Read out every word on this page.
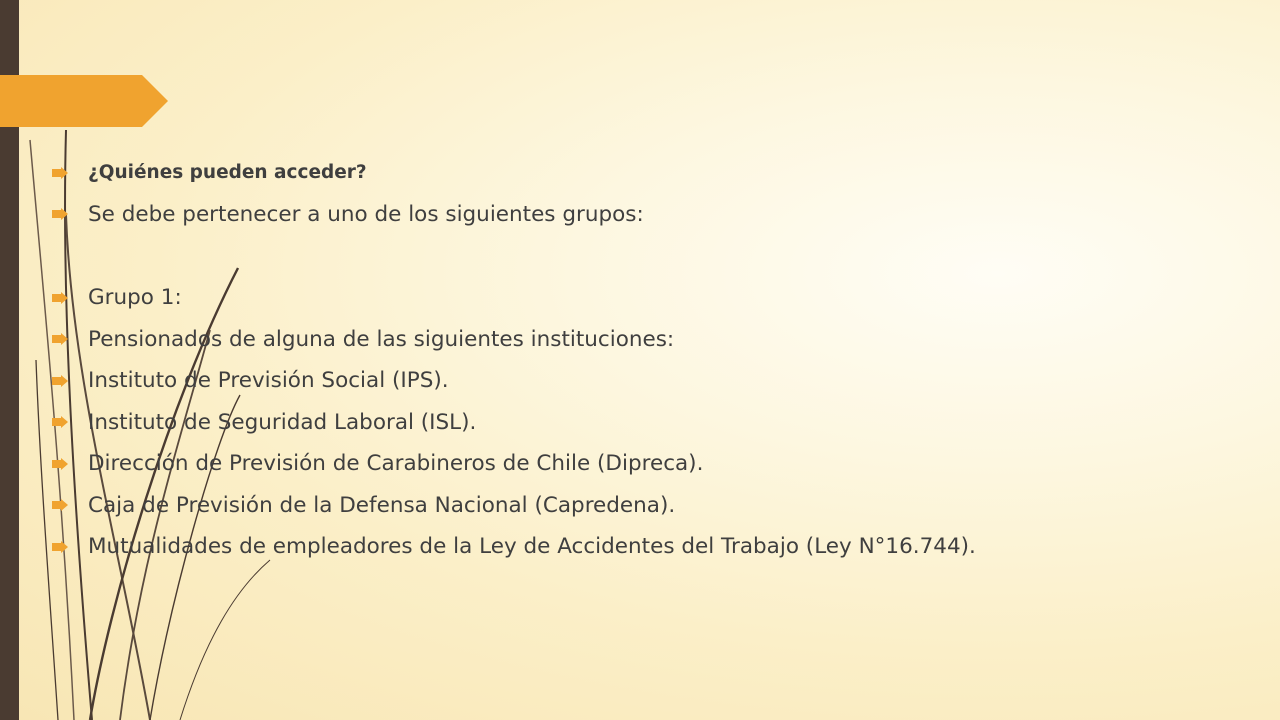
¿Quiénes pueden acceder?
Se debe pertenecer a uno de los siguientes grupos:
Grupo 1:
Pensionados de alguna de las siguientes instituciones:
Instituto de Previsión Social (IPS).
Instituto de Seguridad Laboral (ISL).
Dirección de Previsión de Carabineros de Chile (Dipreca).
Caja de Previsión de la Defensa Nacional (Capredena).
Mutualidades de empleadores de la Ley de Accidentes del Trabajo (Ley N°16.744).
